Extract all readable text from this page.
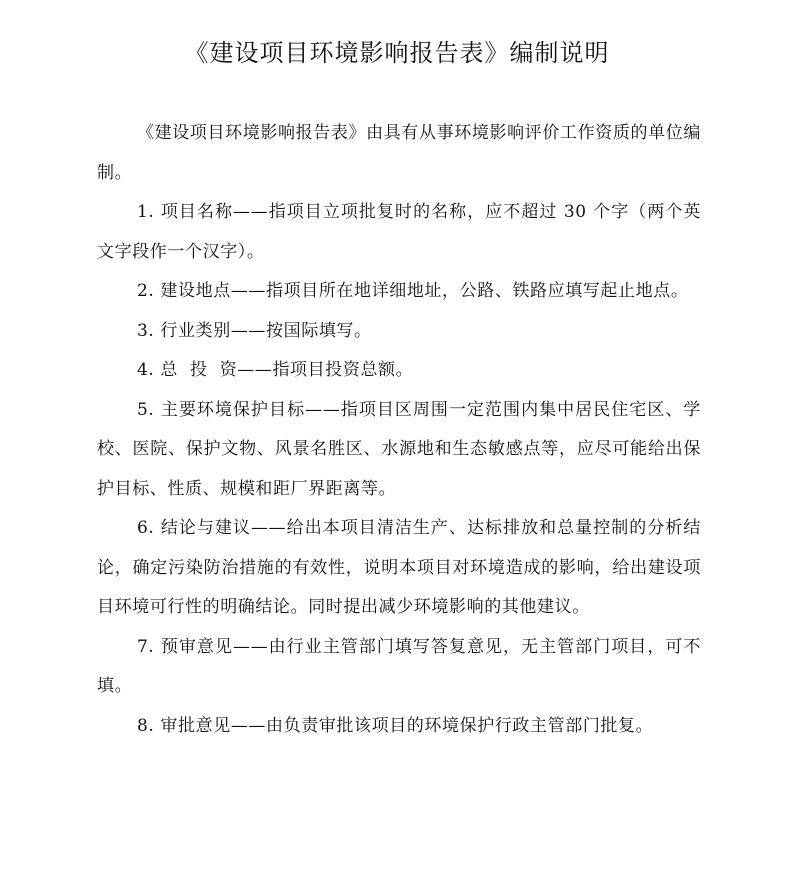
《建设项目环境影响报告表》编制说明

《建设项目环境影响报告表》由具有从事环境影响评价工作资质的单位编制。

1. 项目名称——指项目立项批复时的名称，应不超过 30 个字（两个英文字段作一个汉字）。

2. 建设地点——指项目所在地详细地址，公路、铁路应填写起止地点。

3. 行业类别——按国际填写。

4. 总  投  资——指项目投资总额。

5. 主要环境保护目标——指项目区周围一定范围内集中居民住宅区、学校、医院、保护文物、风景名胜区、水源地和生态敏感点等，应尽可能给出保护目标、性质、规模和距厂界距离等。

6. 结论与建议——给出本项目清洁生产、达标排放和总量控制的分析结论，确定污染防治措施的有效性，说明本项目对环境造成的影响，给出建设项目环境可行性的明确结论。同时提出减少环境影响的其他建议。

7. 预审意见——由行业主管部门填写答复意见，无主管部门项目，可不填。

8. 审批意见——由负责审批该项目的环境保护行政主管部门批复。
